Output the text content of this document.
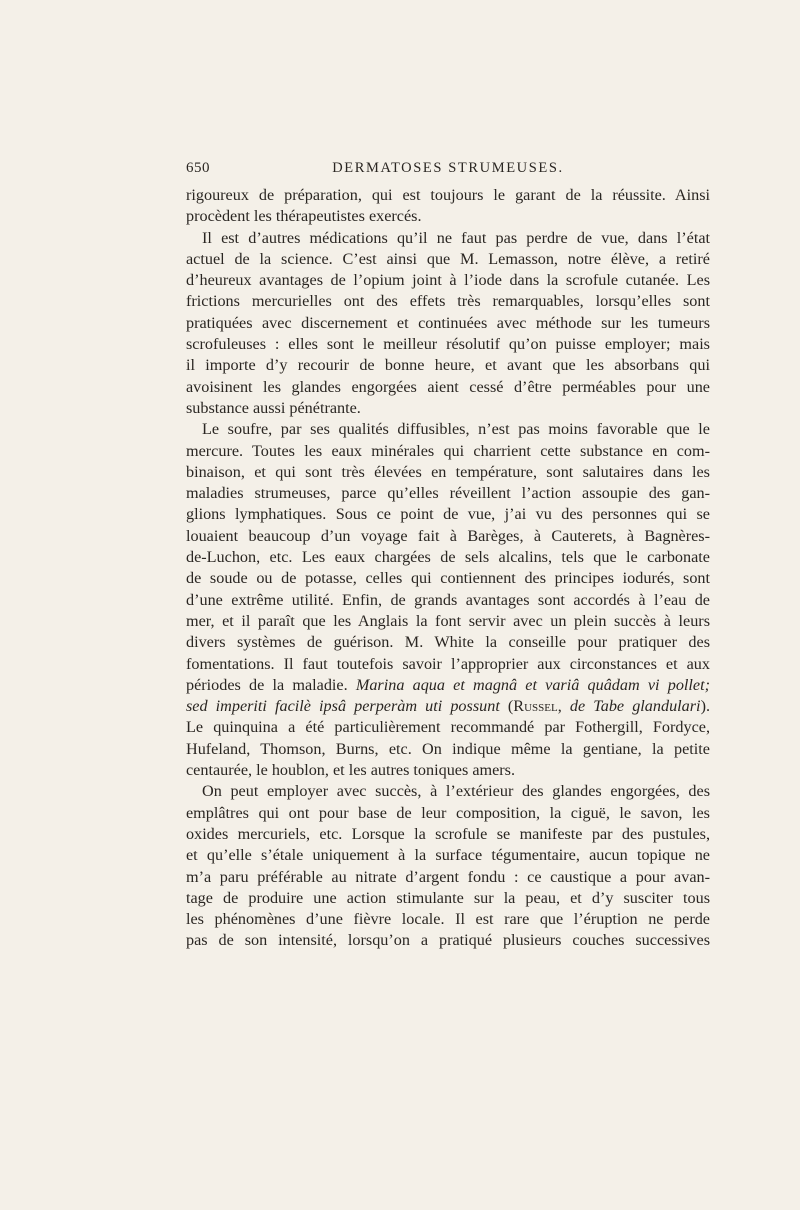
650	DERMATOSES STRUMEUSES.
rigoureux de préparation, qui est toujours le garant de la réussite. Ainsi
procèdent les thérapeutistes exercés.
Il est d’autres médications qu’il ne faut pas perdre de vue, dans l’état
actuel de la science. C’est ainsi que M. Lemasson, notre élève, a retiré
d’heureux avantages de l’opium joint à l’iode dans la scrofule cutanée. Les
frictions mercurielles ont des effets très remarquables, lorsqu’elles sont
pratiquées avec discernement et continuées avec méthode sur les tumeurs
scrofuleuses : elles sont le meilleur résolutif qu’on puisse employer; mais
il importe d’y recourir de bonne heure, et avant que les absorbans qui
avoisinent les glandes engorgées aient cessé d’être perméables pour une
substance aussi pénétrante.
Le soufre, par ses qualités diffusibles, n’est pas moins favorable que le
mercure. Toutes les eaux minérales qui charrient cette substance en com-
binaison, et qui sont très élevées en température, sont salutaires dans les
maladies strumeuses, parce qu’elles réveillent l’action assoupie des gan-
glions lymphatiques. Sous ce point de vue, j’ai vu des personnes qui se
louaient beaucoup d’un voyage fait à Barèges, à Cauterets, à Bagnères-
de-Luchon, etc. Les eaux chargées de sels alcalins, tels que le carbonate
de soude ou de potasse, celles qui contiennent des principes iodurés, sont
d’une extrême utilité. Enfin, de grands avantages sont accordés à l’eau de
mer, et il paraît que les Anglais la font servir avec un plein succès à leurs
divers systèmes de guérison. M. White la conseille pour pratiquer des
fomentations. Il faut toutefois savoir l’approprier aux circonstances et aux
périodes de la maladie. Marina aqua et magnâ et variâ quâdam vi pollet;
sed imperiti facilè ipsâ perperàm uti possunt (Russel, de Tabe glandulari).
Le quinquina a été particulièrement recommandé par Fothergill, Fordyce,
Hufeland, Thomson, Burns, etc. On indique même la gentiane, la petite
centaurée, le houblon, et les autres toniques amers.
On peut employer avec succès, à l’extérieur des glandes engorgées, des
emplâtres qui ont pour base de leur composition, la ciguë, le savon, les
oxides mercuriels, etc. Lorsque la scrofule se manifeste par des pustules,
et qu’elle s’étale uniquement à la surface tégumentaire, aucun topique ne
m’a paru préférable au nitrate d’argent fondu : ce caustique a pour avan-
tage de produire une action stimulante sur la peau, et d’y susciter tous
les phénomènes d’une fièvre locale. Il est rare que l’éruption ne perde
pas de son intensité, lorsqu’on a pratiqué plusieurs couches successives
